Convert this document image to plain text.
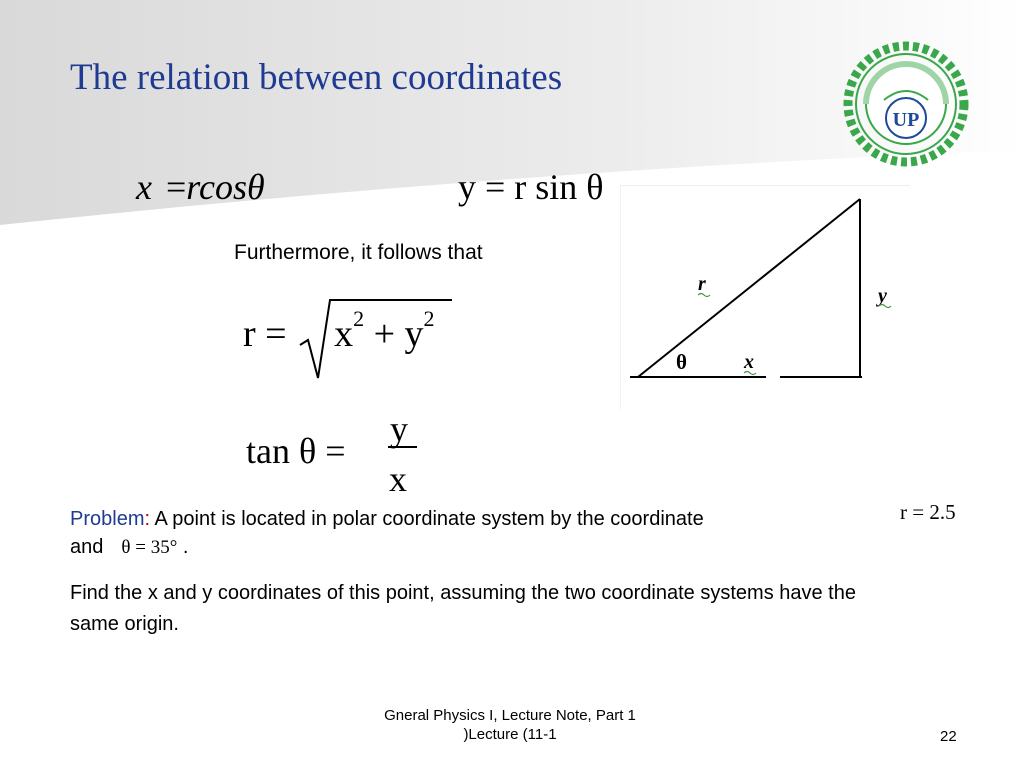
The relation between coordinates
x =rcosθ	y = r sin θ
Furthermore, it follows that
$r = x^2 + y^2$
tan θ =
y
x
r
y
x
θ
UP

Problem: A point is located in polar coordinate system by the coordinate
and θ = 35° .

Find the x and y coordinates of this point, assuming the two coordinate systems have the same origin.

r = 2.5
Gneral Physics I, Lecture Note, Part 1
)Lecture (11-1	22
